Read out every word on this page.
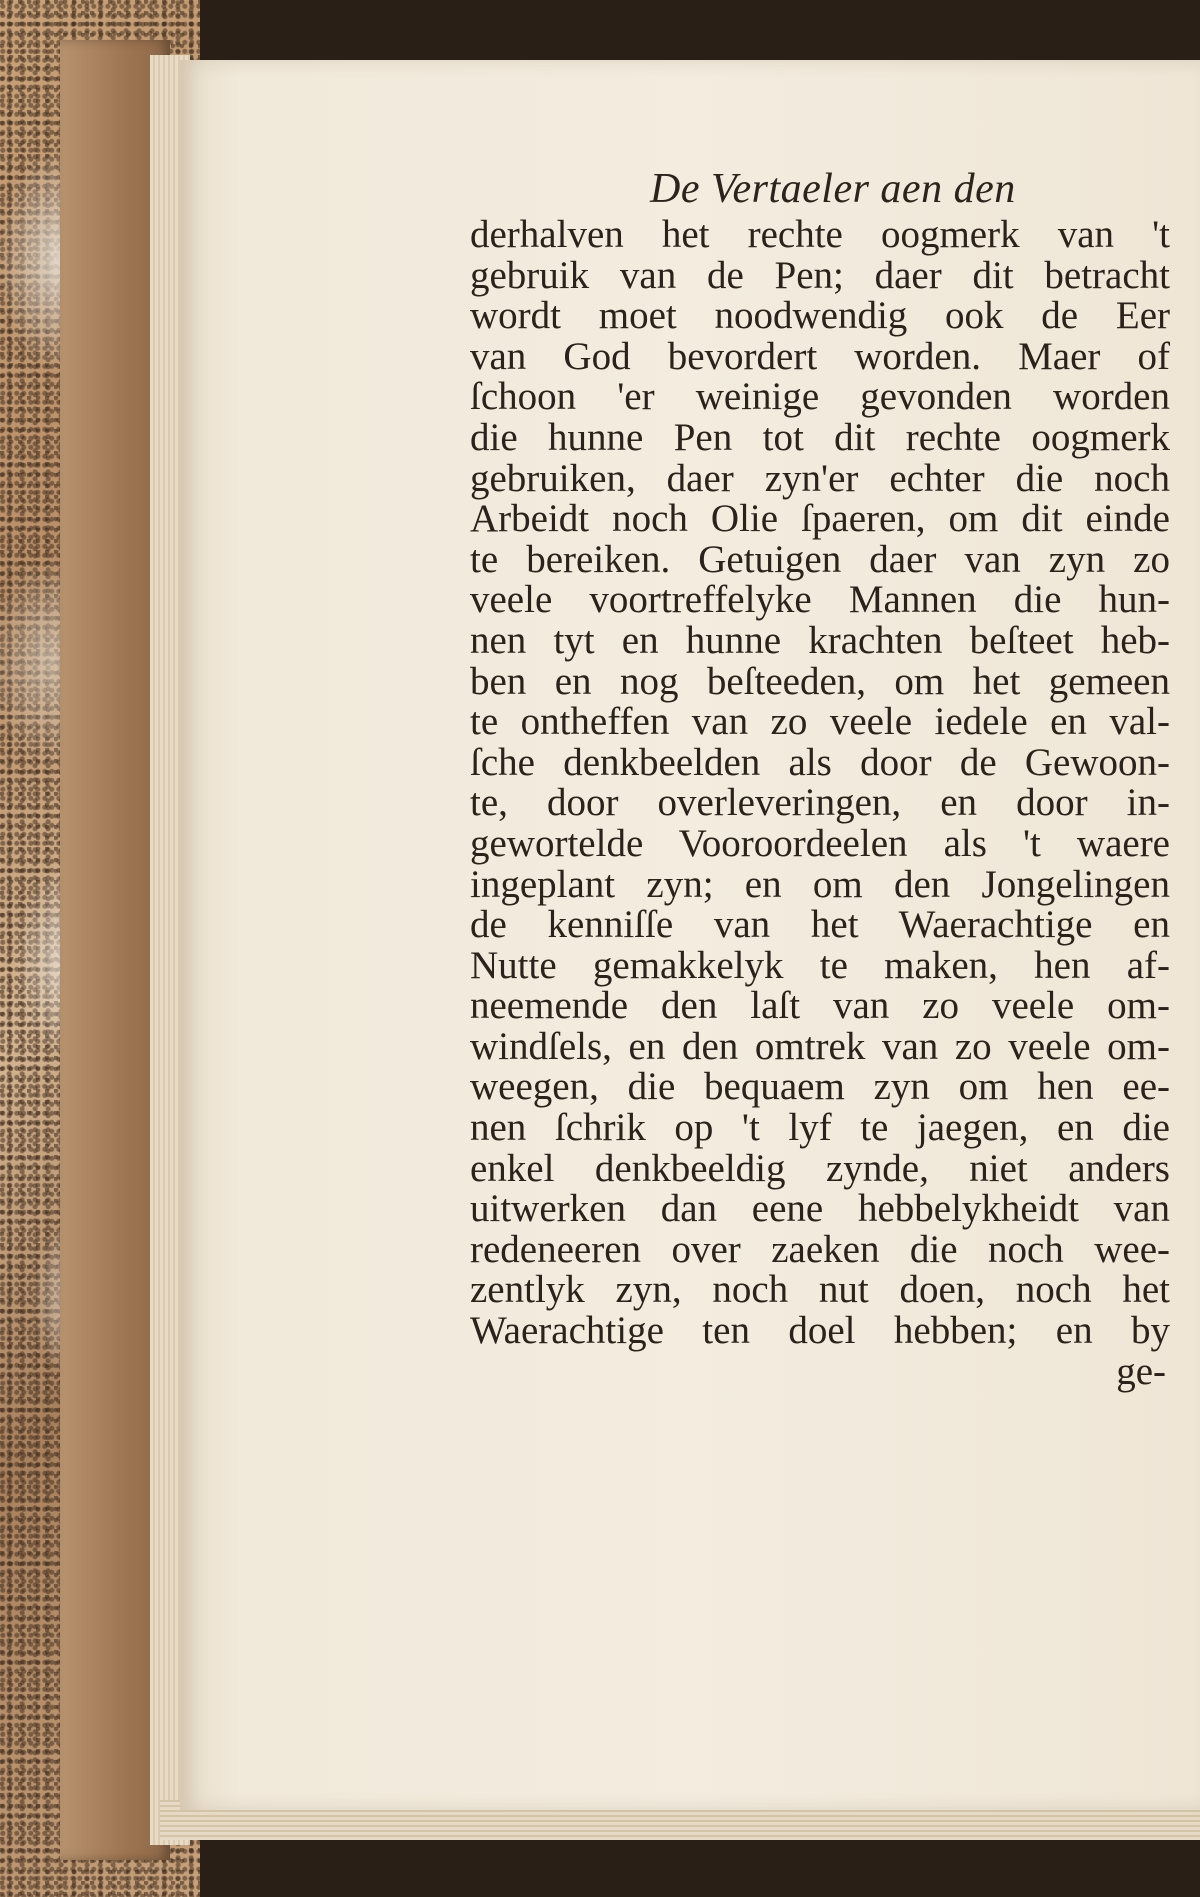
De Vertaeler aen den
derhalven het rechte oogmerk van 't
gebruik van de Pen; daer dit betracht
wordt moet noodwendig ook de Eer
van God bevordert worden. Maer of
ſchoon 'er weinige gevonden worden
die hunne Pen tot dit rechte oogmerk
gebruiken, daer zyn'er echter die noch
Arbeidt noch Olie ſpaeren, om dit einde
te bereiken. Getuigen daer van zyn zo
veele voortreffelyke Mannen die hun-
nen tyt en hunne krachten beſteet heb-
ben en nog beſteeden, om het gemeen
te ontheffen van zo veele iedele en val-
ſche denkbeelden als door de Gewoon-
te, door overleveringen, en door in-
gewortelde Vooroordeelen als 't waere
ingeplant zyn; en om den Jongelingen
de kenniſſe van het Waerachtige en
Nutte gemakkelyk te maken, hen af-
neemende den laſt van zo veele om-
windſels, en den omtrek van zo veele om-
weegen, die bequaem zyn om hen ee-
nen ſchrik op 't lyf te jaegen, en die
enkel denkbeeldig zynde, niet anders
uitwerken dan eene hebbelykheidt van
redeneeren over zaeken die noch wee-
zentlyk zyn, noch nut doen, noch het
Waerachtige ten doel hebben; en by
ge-
